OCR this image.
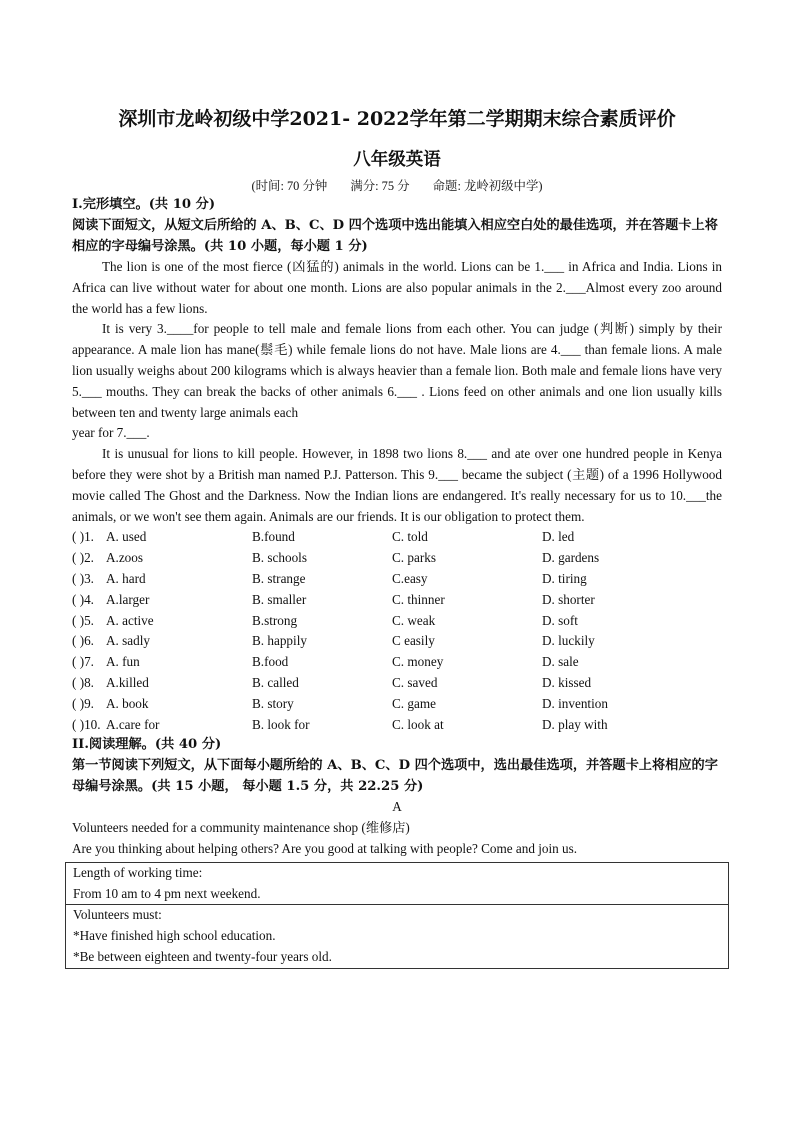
深圳市龙岭初级中学2021- 2022学年第二学期期末综合素质评价
八年级英语
(时间: 70 分钟 满分: 75 分 命题: 龙岭初级中学)
Ⅰ.完形填空。(共 10 分)
阅读下面短文，从短文后所给的 A、B、C、D 四个选项中选出能填入相应空白处的最佳选项，并在答题卡上将相应的字母编号涂黑。(共 10 小题，每小题 1 分)

The lion is one of the most fierce (凶猛的) animals in the world. Lions can be 1.___ in Africa and India. Lions in Africa can live without water for about one month. Lions are also popular animals in the 2.___Almost every zoo around the world has a few lions.

It is very 3.____for people to tell male and female lions from each other. You can judge (判断) simply by their appearance. A male lion has mane(鬃毛) while female lions do not have. Male lions are 4.___ than female lions. A male lion usually weighs about 200 kilograms which is always heavier than a female lion. Both male and female lions have very 5.___ mouths. They can break the backs of other animals 6.___ . Lions feed on other animals and one lion usually kills between ten and twenty large animals each

year for 7.___.

It is unusual for lions to kill people. However, in 1898 two lions 8.___ and ate over one hundred people in Kenya before they were shot by a British man named P.J. Patterson. This 9.___ became the subject (主题) of a 1996 Hollywood movie called The Ghost and the Darkness. Now the Indian lions are endangered. It's really necessary for us to 10.___the animals, or we won't see them again. Animals are our friends. It is our obligation to protect them.

( )1. A. used	B.found	C. told	D. led
( )2. A.zoos	B. schools	C. parks	D. gardens
( )3. A. hard	B. strange	C.easy	D. tiring
( )4. A.larger	B. smaller	C. thinner	D. shorter
( )5. A. active	B.strong	C. weak	D. soft
( )6. A. sadly	B. happily	C easily	D. luckily
( )7. A. fun	B.food	C. money	D. sale
( )8. A.killed	B. called	C. saved	D. kissed
( )9. A. book	B. story	C. game	D. invention
( )10. A.care for	B. look for	C. look at	D. play with
II.阅读理解。(共 40 分)
第一节阅读下列短文，从下面每小题所给的 A、B、C、D 四个选项中，选出最佳选项，并答题卡上将相应的字母编号涂黑。(共 15 小题， 每小题 1.5 分，共 22.25 分)
A
Volunteers needed for a community maintenance shop (维修店)
Are you thinking about helping others? Are you good at talking with people? Come and join us.
Length of working time:
From 10 am to 4 pm next weekend.

Volunteers must:
*Have finished high school education.
*Be between eighteen and twenty-four years old.
